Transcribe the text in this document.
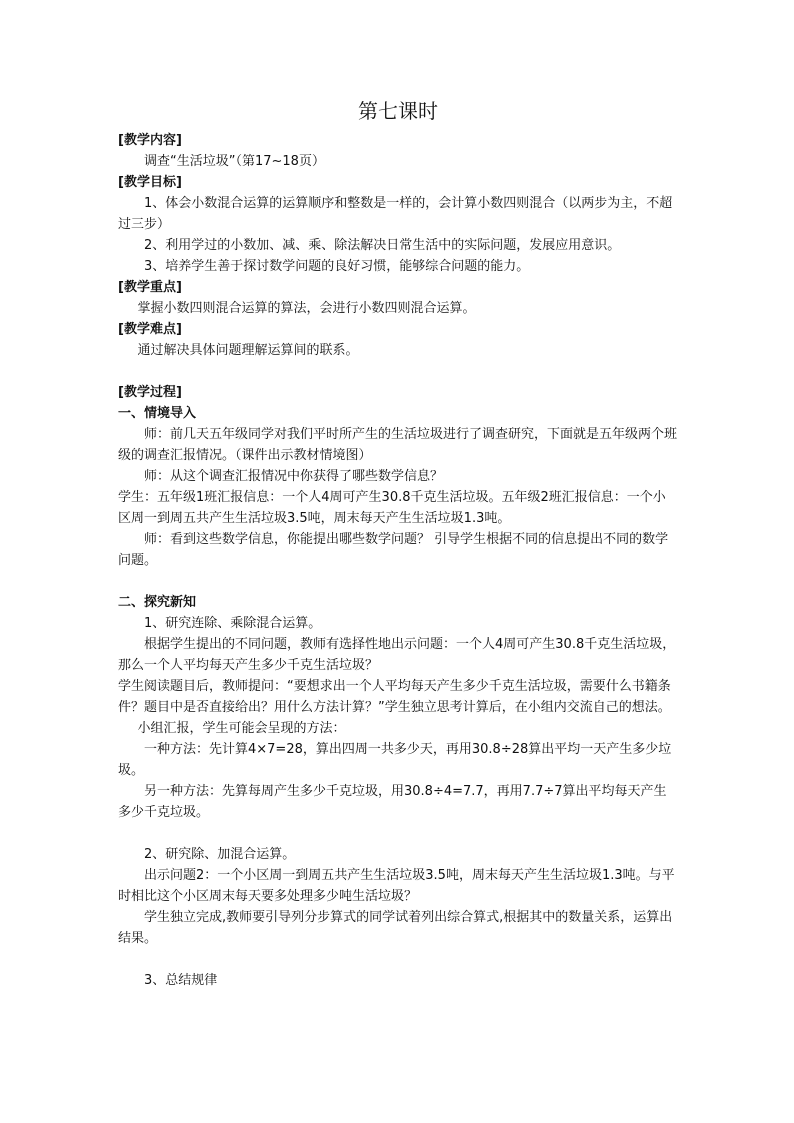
第七课时

[教学内容]

调查“生活垃圾”（第17~18页）

[教学目标]

1、体会小数混合运算的运算顺序和整数是一样的，会计算小数四则混合（以两步为主，不超过三步）

2、利用学过的小数加、减、乘、除法解决日常生活中的实际问题，发展应用意识。

3、培养学生善于探讨数学问题的良好习惯，能够综合问题的能力。

[教学重点]

掌握小数四则混合运算的算法，会进行小数四则混合运算。

[教学难点]

通过解决具体问题理解运算间的联系。

[教学过程]

一、情境导入

师：前几天五年级同学对我们平时所产生的生活垃圾进行了调查研究，下面就是五年级两个班级的调查汇报情况。（课件出示教材情境图）

师：从这个调查汇报情况中你获得了哪些数学信息？

学生：五年级1班汇报信息：一个人4周可产生30.8千克生活垃圾。五年级2班汇报信息：一个小区周一到周五共产生生活垃圾3.5吨，周末每天产生生活垃圾1.3吨。

师：看到这些数学信息，你能提出哪些数学问题？ 引导学生根据不同的信息提出不同的数学问题。

二、探究新知

1、研究连除、乘除混合运算。

根据学生提出的不同问题，教师有选择性地出示问题：一个人4周可产生30.8千克生活垃圾，那么一个人平均每天产生多少千克生活垃圾？

学生阅读题目后，教师提问：“要想求出一个人平均每天产生多少千克生活垃圾，需要什么书籍条件？题目中是否直接给出？用什么方法计算？”学生独立思考计算后，在小组内交流自己的想法。

小组汇报，学生可能会呈现的方法：

一种方法：先计算4×7=28，算出四周一共多少天，再用30.8÷28算出平均一天产生多少垃圾。

另一种方法：先算每周产生多少千克垃圾，用30.8÷4=7.7，再用7.7÷7算出平均每天产生多少千克垃圾。

2、研究除、加混合运算。

出示问题2：一个小区周一到周五共产生生活垃圾3.5吨，周末每天产生生活垃圾1.3吨。与平时相比这个小区周末每天要多处理多少吨生活垃圾？

学生独立完成,教师要引导列分步算式的同学试着列出综合算式,根据其中的数量关系，运算出结果。

3、总结规律
